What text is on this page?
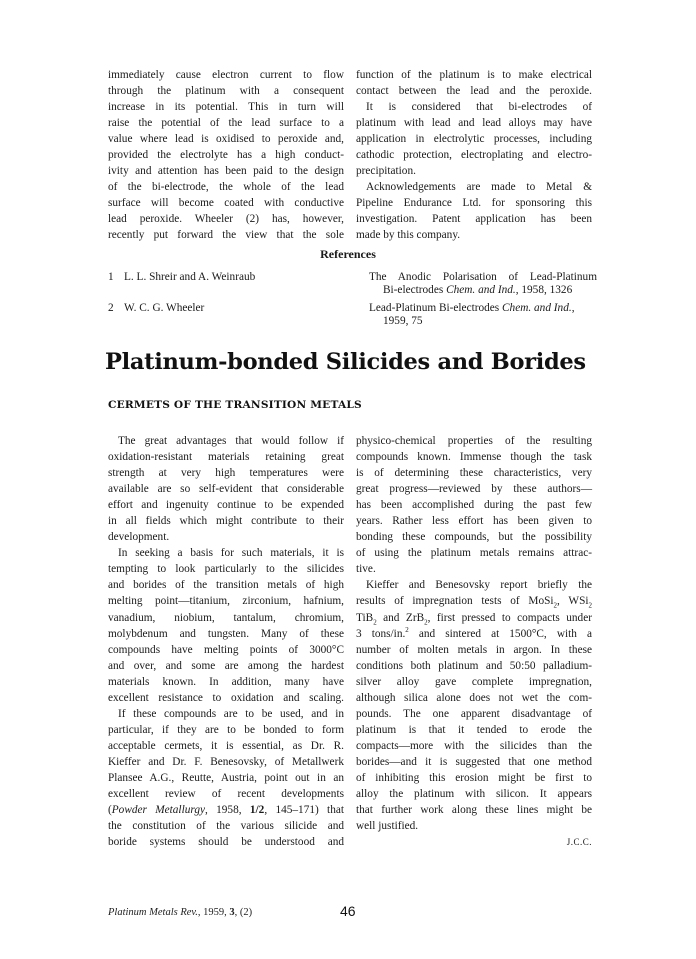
immediately cause electron current to flow
through the platinum with a consequent
increase in its potential. This in turn will
raise the potential of the lead surface to a
value where lead is oxidised to peroxide and,
provided the electrolyte has a high conduct-
ivity and attention has been paid to the design
of the bi-electrode, the whole of the lead
surface will become coated with conductive
lead peroxide. Wheeler (2) has, however,
recently put forward the view that the sole
function of the platinum is to make electrical
contact between the lead and the peroxide.
It is considered that bi-electrodes of
platinum with lead and lead alloys may have
application in electrolytic processes, including
cathodic protection, electroplating and electro-
precipitation.
Acknowledgements are made to Metal &
Pipeline Endurance Ltd. for sponsoring this
investigation. Patent application has been
made by this company.
References
1 L. L. Shreir and A. Weinraub	The Anodic Polarisation of Lead-Platinum
Bi-electrodes Chem. and Ind., 1958, 1326
2 W. C. G. Wheeler	Lead-Platinum Bi-electrodes Chem. and Ind.,
1959, 75
Platinum-bonded Silicides and Borides
CERMETS OF THE TRANSITION METALS
The great advantages that would follow if
oxidation-resistant materials retaining great
strength at very high temperatures were
available are so self-evident that considerable
effort and ingenuity continue to be expended
in all fields which might contribute to their
development.
In seeking a basis for such materials, it is
tempting to look particularly to the silicides
and borides of the transition metals of high
melting point—titanium, zirconium, hafnium,
vanadium, niobium, tantalum, chromium,
molybdenum and tungsten. Many of these
compounds have melting points of 3000°C
and over, and some are among the hardest
materials known. In addition, many have
excellent resistance to oxidation and scaling.
If these compounds are to be used, and in
particular, if they are to be bonded to form
acceptable cermets, it is essential, as Dr. R.
Kieffer and Dr. F. Benesovsky, of Metallwerk
Plansee A.G., Reutte, Austria, point out in an
excellent review of recent developments
(Powder Metallurgy, 1958, 1/2, 145–171) that
the constitution of the various silicide and
boride systems should be understood and
physico-chemical properties of the resulting
compounds known. Immense though the task
is of determining these characteristics, very
great progress—reviewed by these authors—
has been accomplished during the past few
years. Rather less effort has been given to
bonding these compounds, but the possibility
of using the platinum metals remains attrac-
tive.
Kieffer and Benesovsky report briefly the
results of impregnation tests of MoSi$_2$, WSi$_2$
TiB$_2$ and ZrB$_2$, first pressed to compacts under
3 tons/in.$^2$ and sintered at 1500°C, with a
number of molten metals in argon. In these
conditions both platinum and 50:50 palladium-
silver alloy gave complete impregnation,
although silica alone does not wet the com-
pounds. The one apparent disadvantage of
platinum is that it tended to erode the
compacts—more with the silicides than the
borides—and it is suggested that one method
of inhibiting this erosion might be first to
alloy the platinum with silicon. It appears
that further work along these lines might be
well justified.
J.C.C.
Platinum Metals Rev., 1959, 3, (2)	46
